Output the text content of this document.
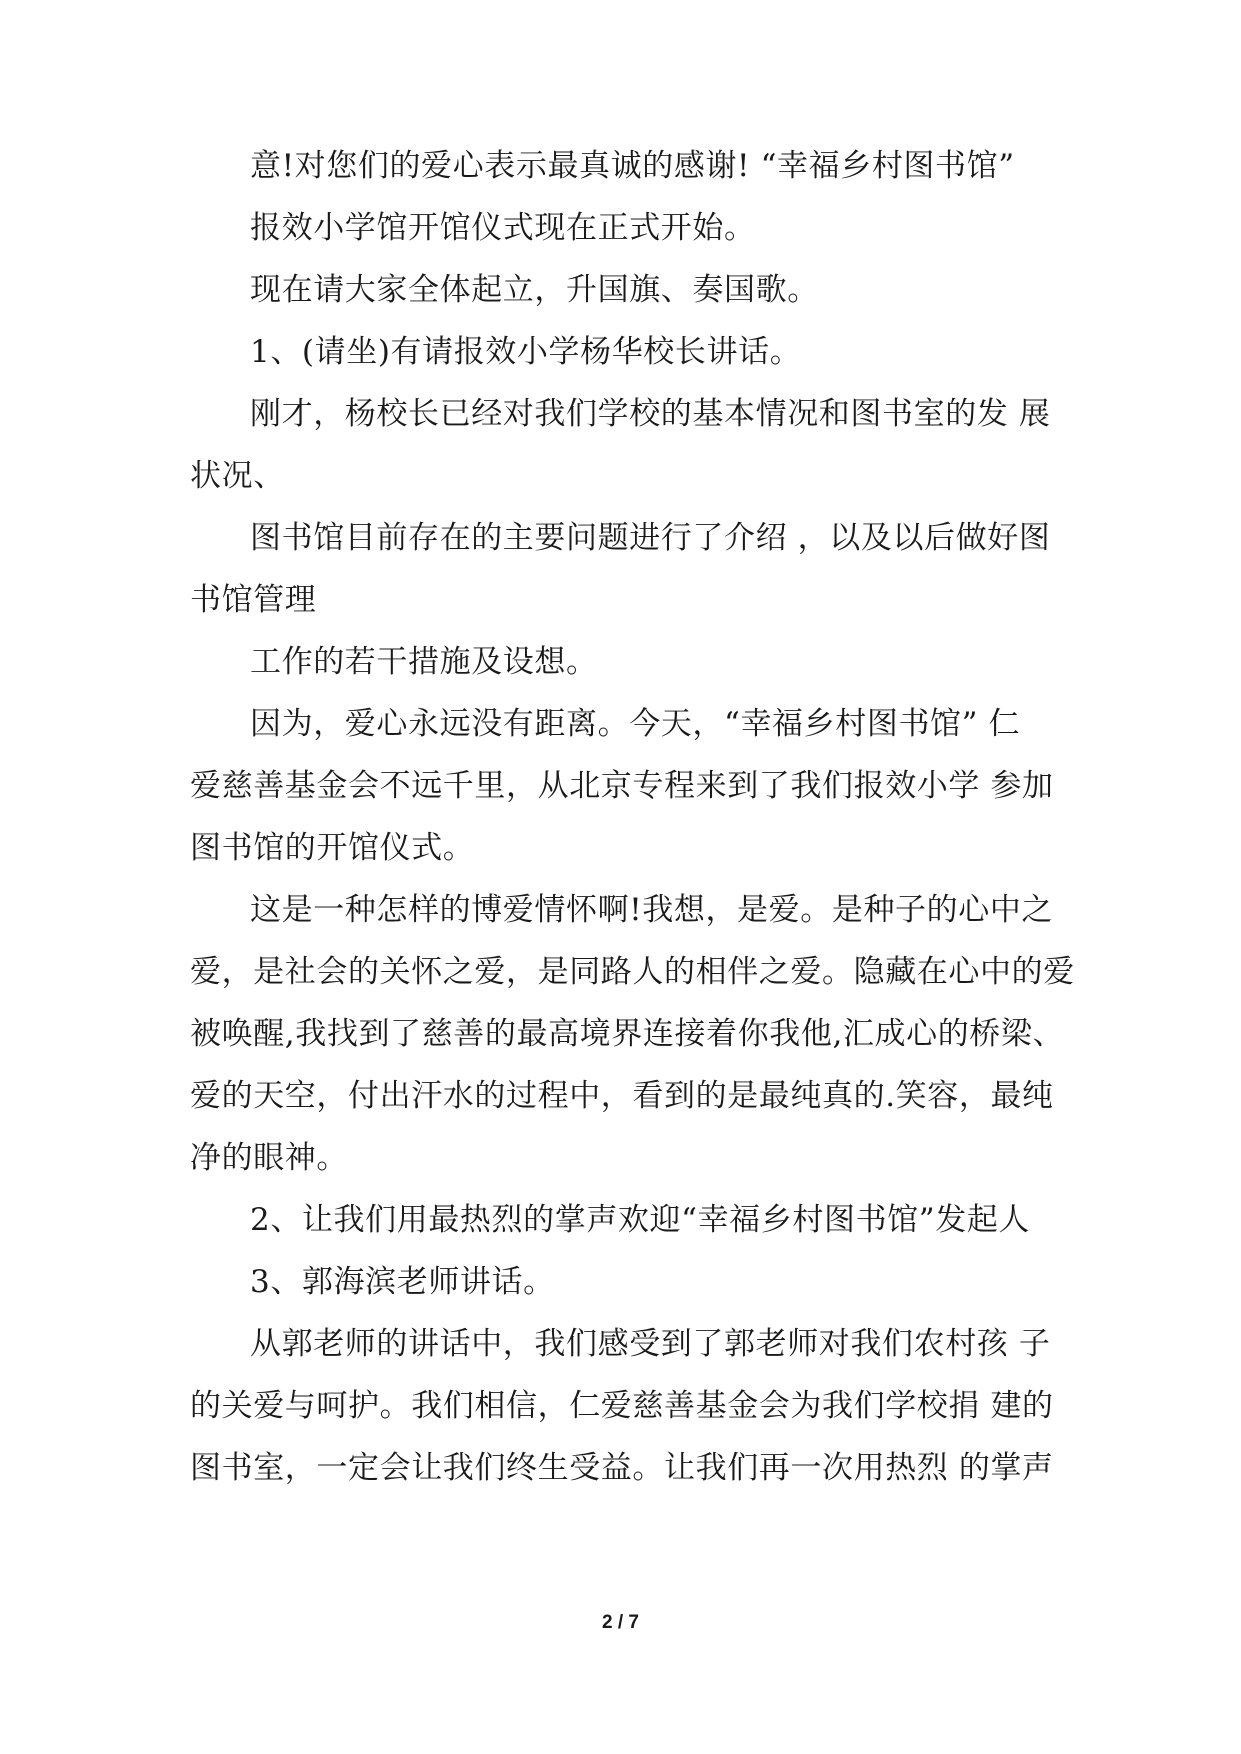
意!对您们的爱心表示最真诚的感谢! “幸福乡村图书馆”
报效小学馆开馆仪式现在正式开始。
现在请大家全体起立，升国旗、奏国歌。
1、(请坐)有请报效小学杨华校长讲话。
刚才，杨校长已经对我们学校的基本情况和图书室的发 展
状况、
图书馆目前存在的主要问题进行了介绍 ，以及以后做好图
书馆管理
工作的若干措施及设想。
因为，爱心永远没有距离。今天，“幸福乡村图书馆” 仁
爱慈善基金会不远千里，从北京专程来到了我们报效小学 参加
图书馆的开馆仪式。
这是一种怎样的博爱情怀啊!我想，是爱。是种子的心中之
爱，是社会的关怀之爱，是同路人的相伴之爱。隐藏在心中的爱
被唤醒,我找到了慈善的最高境界连接着你我他,汇成心的桥梁、
爱的天空，付出汗水的过程中，看到的是最纯真的.笑容，最纯
净的眼神。
2、让我们用最热烈的掌声欢迎“幸福乡村图书馆”发起人
3、郭海滨老师讲话。
从郭老师的讲话中，我们感受到了郭老师对我们农村孩 子
的关爱与呵护。我们相信，仁爱慈善基金会为我们学校捐 建的
图书室，一定会让我们终生受益。让我们再一次用热烈 的掌声
2 / 7
